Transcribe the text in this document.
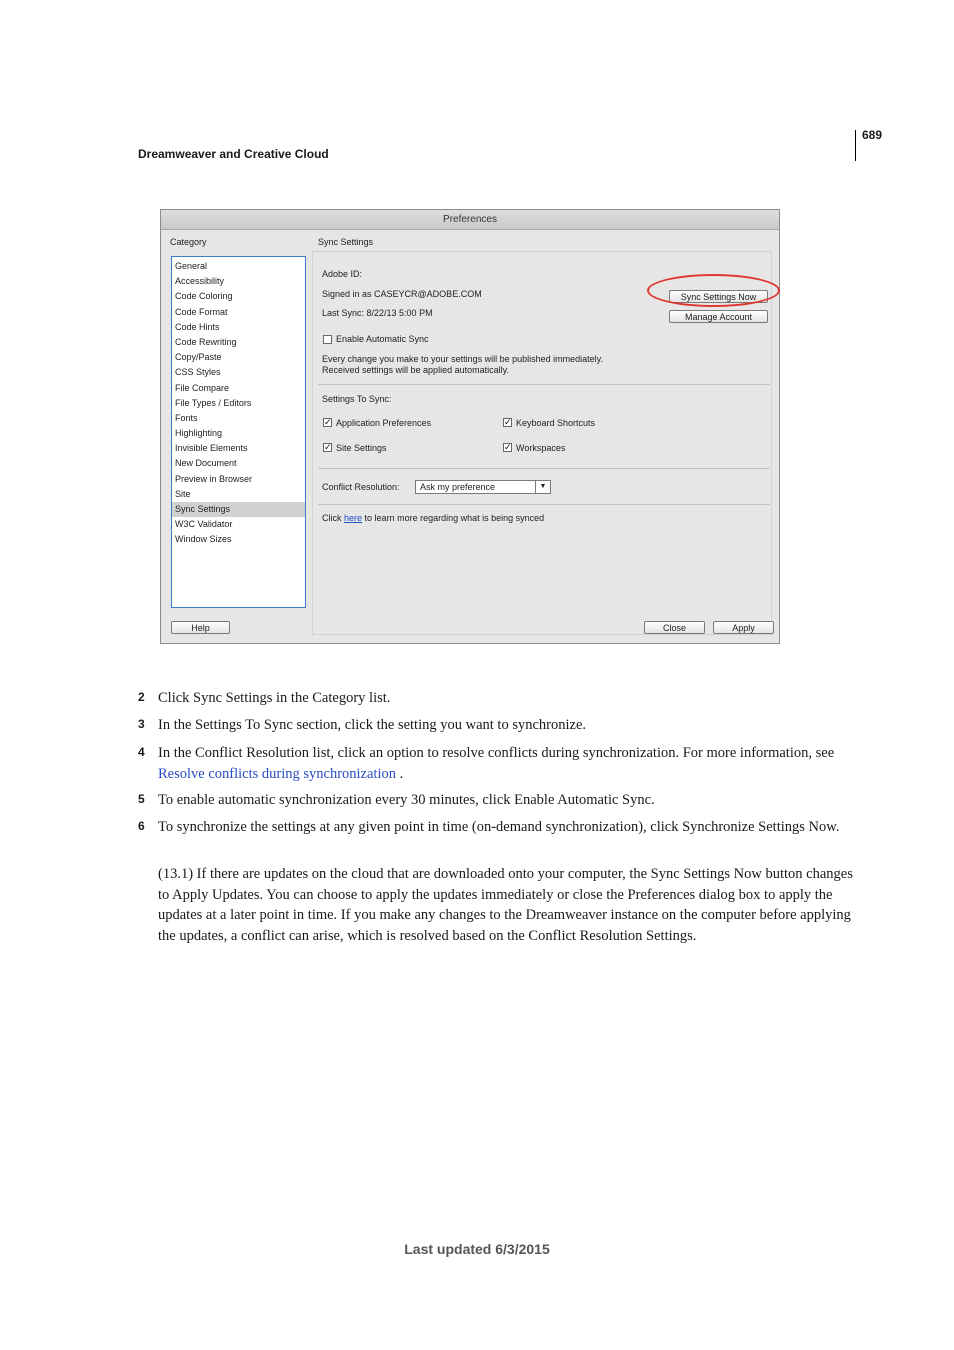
689
Dreamweaver and Creative Cloud
Preferences
Category	Sync Settings
General
Accessibility
Code Coloring
Code Format
Code Hints
Code Rewriting
Copy/Paste
CSS Styles
File Compare
File Types / Editors
Fonts
Highlighting
Invisible Elements
New Document
Preview in Browser
Site
Sync Settings
W3C Validator
Window Sizes
Adobe ID:
Signed in as CASEYCR@ADOBE.COM
Last Sync: 8/22/13 5:00 PM
Sync Settings Now
Manage Account
Enable Automatic Sync
Every change you make to your settings will be published immediately.
Received settings will be applied automatically.
Settings To Sync:
✓ Application Preferences	✓ Keyboard Shortcuts
✓ Site Settings	✓ Workspaces
Conflict Resolution: Ask my preference	▼
Click here to learn more regarding what is being synced
Help	Close	Apply
2 Click Sync Settings in the Category list.
3 In the Settings To Sync section, click the setting you want to synchronize.
4 In the Conflict Resolution list, click an option to resolve conflicts during synchronization. For more information, see Resolve conflicts during synchronization .
5 To enable automatic synchronization every 30 minutes, click Enable Automatic Sync.
6 To synchronize the settings at any given point in time (on-demand synchronization), click Synchronize Settings Now.
(13.1) If there are updates on the cloud that are downloaded onto your computer, the Sync Settings Now button changes to Apply Updates. You can choose to apply the updates immediately or close the Preferences dialog box to apply the updates at a later point in time. If you make any changes to the Dreamweaver instance on the computer before applying the updates, a conflict can arise, which is resolved based on the Conflict Resolution Settings.
Last updated 6/3/2015
